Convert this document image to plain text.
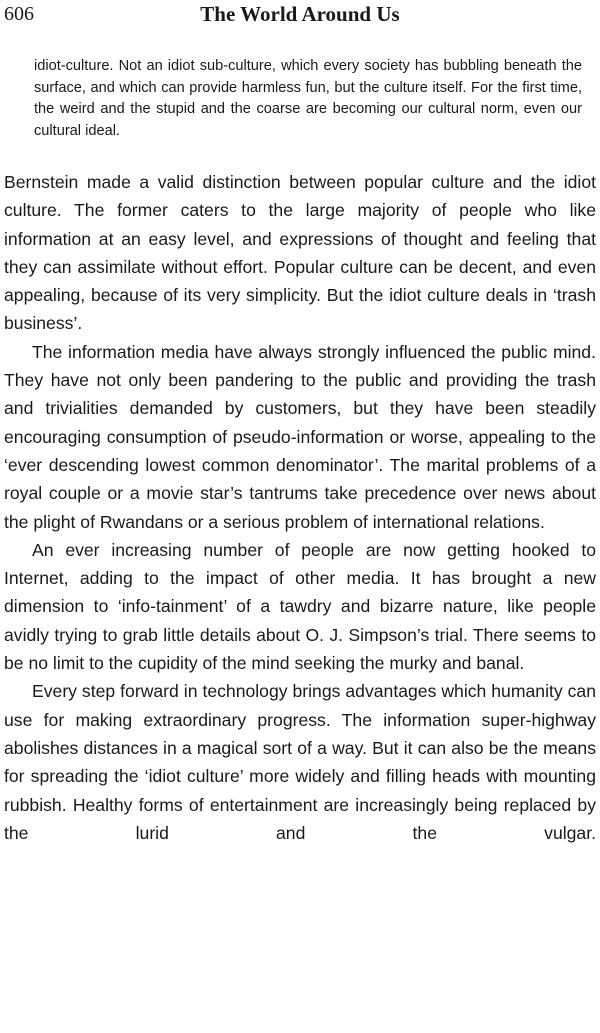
606	The World Around Us

idiot-culture. Not an idiot sub-culture, which every society has bubbling beneath the surface, and which can provide harmless fun, but the culture itself. For the first time, the weird and the stupid and the coarse are becoming our cultural norm, even our cultural ideal.

Bernstein made a valid distinction between popular culture and the idiot culture. The former caters to the large majority of people who like information at an easy level, and expressions of thought and feeling that they can assimilate without effort. Popular culture can be decent, and even appealing, because of its very simplicity. But the idiot culture deals in ‘trash business’.

The information media have always strongly influenced the public mind. They have not only been pandering to the public and providing the trash and trivialities demanded by customers, but they have been steadily encouraging consumption of pseudo-information or worse, appealing to the ‘ever descending lowest common denominator’. The marital problems of a royal couple or a movie star’s tantrums take precedence over news about the plight of Rwandans or a serious problem of international relations.

An ever increasing number of people are now getting hooked to Internet, adding to the impact of other media. It has brought a new dimension to ‘info-tainment’ of a tawdry and bizarre nature, like people avidly trying to grab little details about O. J. Simpson’s trial. There seems to be no limit to the cupidity of the mind seeking the murky and banal.

Every step forward in technology brings advantages which humanity can use for making extraordinary progress. The information super-highway abolishes distances in a magical sort of a way. But it can also be the means for spreading the ‘idiot culture’ more widely and filling heads with mounting rubbish. Healthy forms of entertainment are increasingly being replaced by the lurid and the vulgar.
